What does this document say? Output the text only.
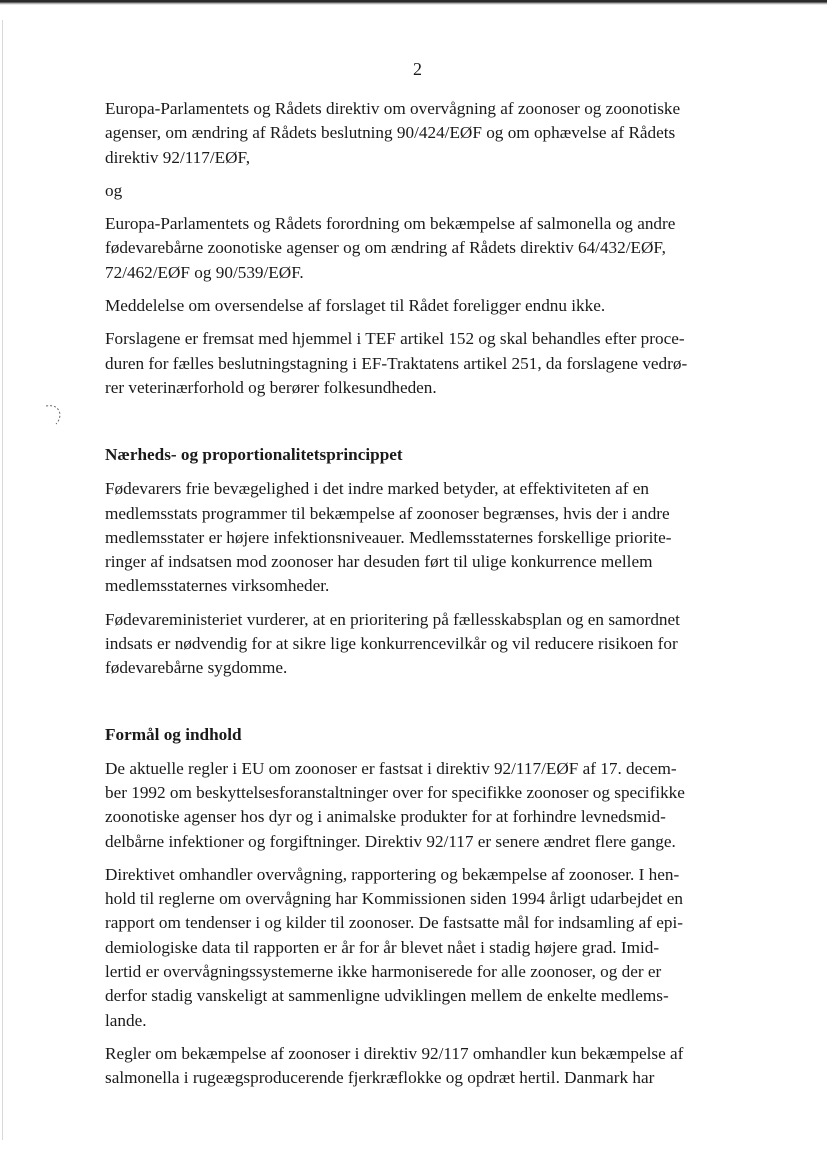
2

Europa-Parlamentets og Rådets direktiv om overvågning af zoonoser og zoonotiske
agenser, om ændring af Rådets beslutning 90/424/EØF og om ophævelse af Rådets
direktiv 92/117/EØF,

og

Europa-Parlamentets og Rådets forordning om bekæmpelse af salmonella og andre
fødevarebårne zoonotiske agenser og om ændring af Rådets direktiv 64/432/EØF,
72/462/EØF og 90/539/EØF.

Meddelelse om oversendelse af forslaget til Rådet foreligger endnu ikke.

Forslagene er fremsat med hjemmel i TEF artikel 152 og skal behandles efter proce-
duren for fælles beslutningstagning i EF-Traktatens artikel 251, da forslagene vedrø-
rer veterinærforhold og berører folkesundheden.

Nærheds- og proportionalitetsprincippet

Fødevarers frie bevægelighed i det indre marked betyder, at effektiviteten af en
medlemsstats programmer til bekæmpelse af zoonoser begrænses, hvis der i andre
medlemsstater er højere infektionsniveauer. Medlemsstaternes forskellige priorite-
ringer af indsatsen mod zoonoser har desuden ført til ulige konkurrence mellem
medlemsstaternes virksomheder.

Fødevareministeriet vurderer, at en prioritering på fællesskabsplan og en samordnet
indsats er nødvendig for at sikre lige konkurrencevilkår og vil reducere risikoen for
fødevarebårne sygdomme.

Formål og indhold

De aktuelle regler i EU om zoonoser er fastsat i direktiv 92/117/EØF af 17. decem-
ber 1992 om beskyttelsesforanstaltninger over for specifikke zoonoser og specifikke
zoonotiske agenser hos dyr og i animalske produkter for at forhindre levnedsmid-
delbårne infektioner og forgiftninger. Direktiv 92/117 er senere ændret flere gange.

Direktivet omhandler overvågning, rapportering og bekæmpelse af zoonoser. I hen-
hold til reglerne om overvågning har Kommissionen siden 1994 årligt udarbejdet en
rapport om tendenser i og kilder til zoonoser. De fastsatte mål for indsamling af epi-
demiologiske data til rapporten er år for år blevet nået i stadig højere grad. Imid-
lertid er overvågningssystemerne ikke harmoniserede for alle zoonoser, og der er
derfor stadig vanskeligt at sammenligne udviklingen mellem de enkelte medlems-
lande.

Regler om bekæmpelse af zoonoser i direktiv 92/117 omhandler kun bekæmpelse af
salmonella i rugeægsproducerende fjerkræflokke og opdræt hertil. Danmark har
